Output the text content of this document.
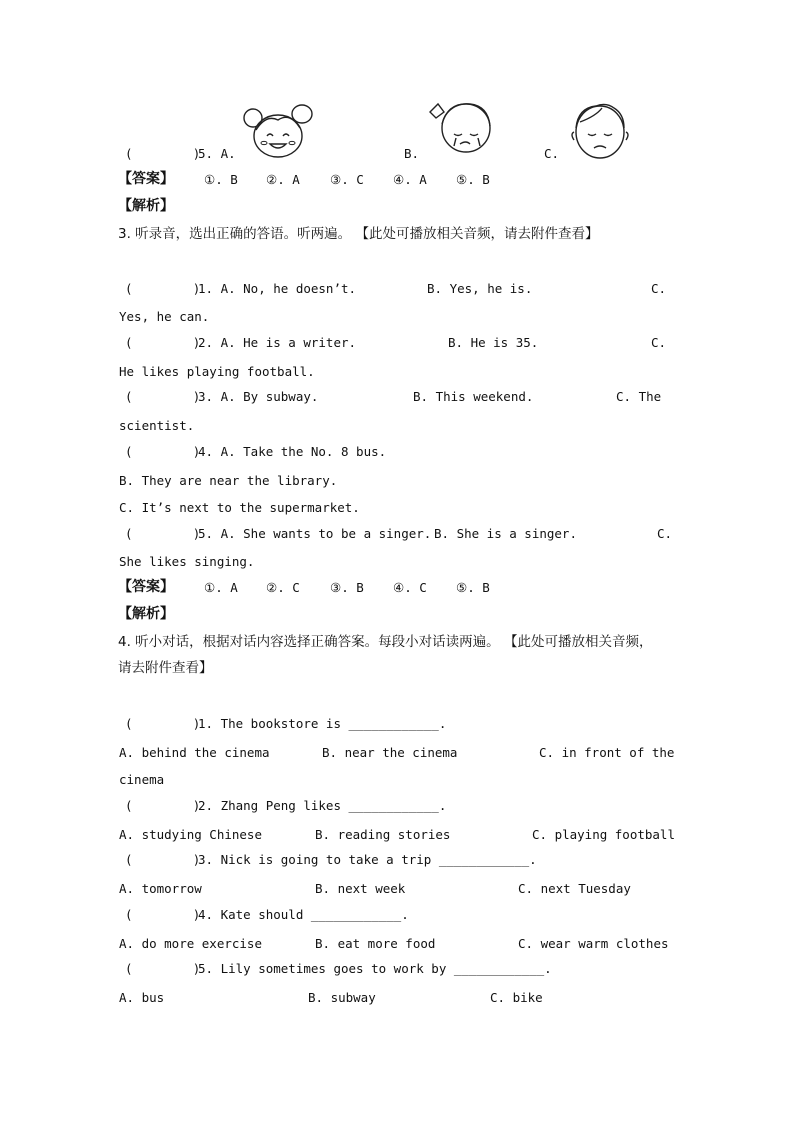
(        )
5. A.	B.	C.
【答案】 ①. B ②. A ③. C ④. A ⑤. B
【解析】
3. 听录音，选出正确的答语。听两遍。 【此处可播放相关音频，请去附件查看】
(        )
1. A. No, he doesn’t.	B. Yes, he is.	C.
Yes, he can.
(        )
2. A. He is a writer.	B. He is 35.	C.
He likes playing football.
(        )
3. A. By subway.	B. This weekend.	C. The
scientist.
(        )
4. A. Take the No. 8 bus.
B. They are near the library.
C. It’s next to the supermarket.
(        )
5. A. She wants to be a singer. B. She is a singer.	C.
She likes singing.
【答案】 ①. A ②. C ③. B ④. C ⑤. B
【解析】
4. 听小对话，根据对话内容选择正确答案。每段小对话读两遍。 【此处可播放相关音频，
请去附件查看】
(        )
1. The bookstore is ____________.
A. behind the cinema	B. near the cinema	C. in front of the
cinema
(        )
2. Zhang Peng likes ____________.
A. studying Chinese	B. reading stories	C. playing football
(        )
3. Nick is going to take a trip ____________.
A. tomorrow	B. next week	C. next Tuesday
(        )
4. Kate should ____________.
A. do more exercise	B. eat more food	C. wear warm clothes
(        )
5. Lily sometimes goes to work by ____________.
A. bus	B. subway	C. bike
